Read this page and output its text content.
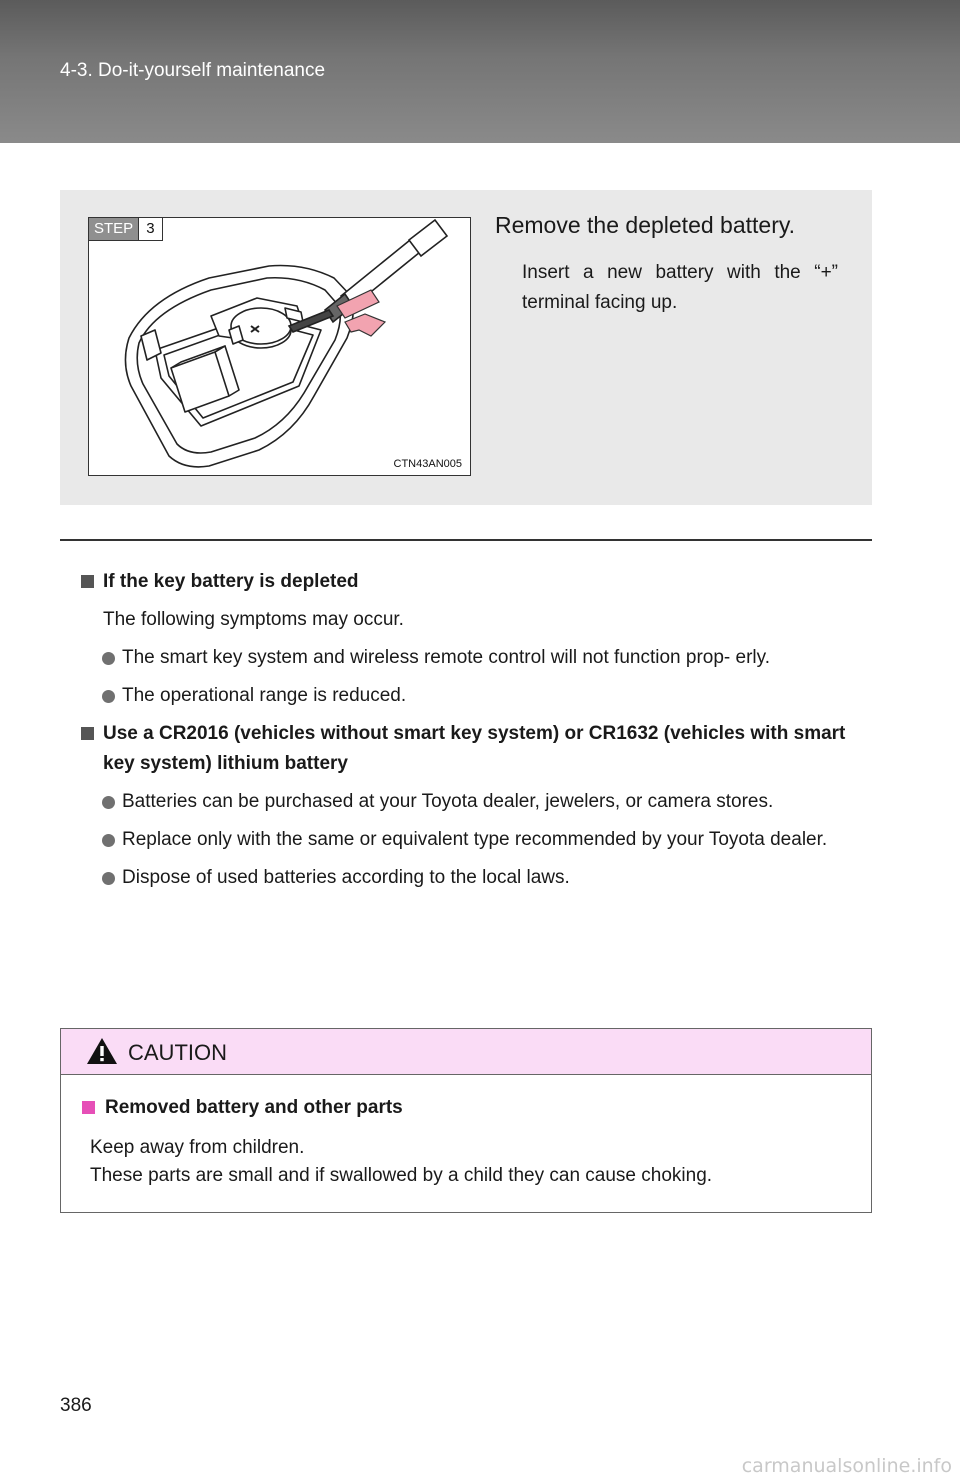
4-3. Do-it-yourself maintenance
STEP 3
CTN43AN005
Remove the depleted battery.
Insert a new battery with the “+” terminal facing up.
If the key battery is depleted
The following symptoms may occur.
The smart key system and wireless remote control will not function prop- erly.
The operational range is reduced.
Use a CR2016 (vehicles without smart key system) or CR1632 (vehicles with smart key system) lithium battery
Batteries can be purchased at your Toyota dealer, jewelers, or camera stores.
Replace only with the same or equivalent type recommended by your Toyota dealer.
Dispose of used batteries according to the local laws.
CAUTION
Removed battery and other parts
Keep away from children.
These parts are small and if swallowed by a child they can cause choking.
386
carmanualsonline.info
